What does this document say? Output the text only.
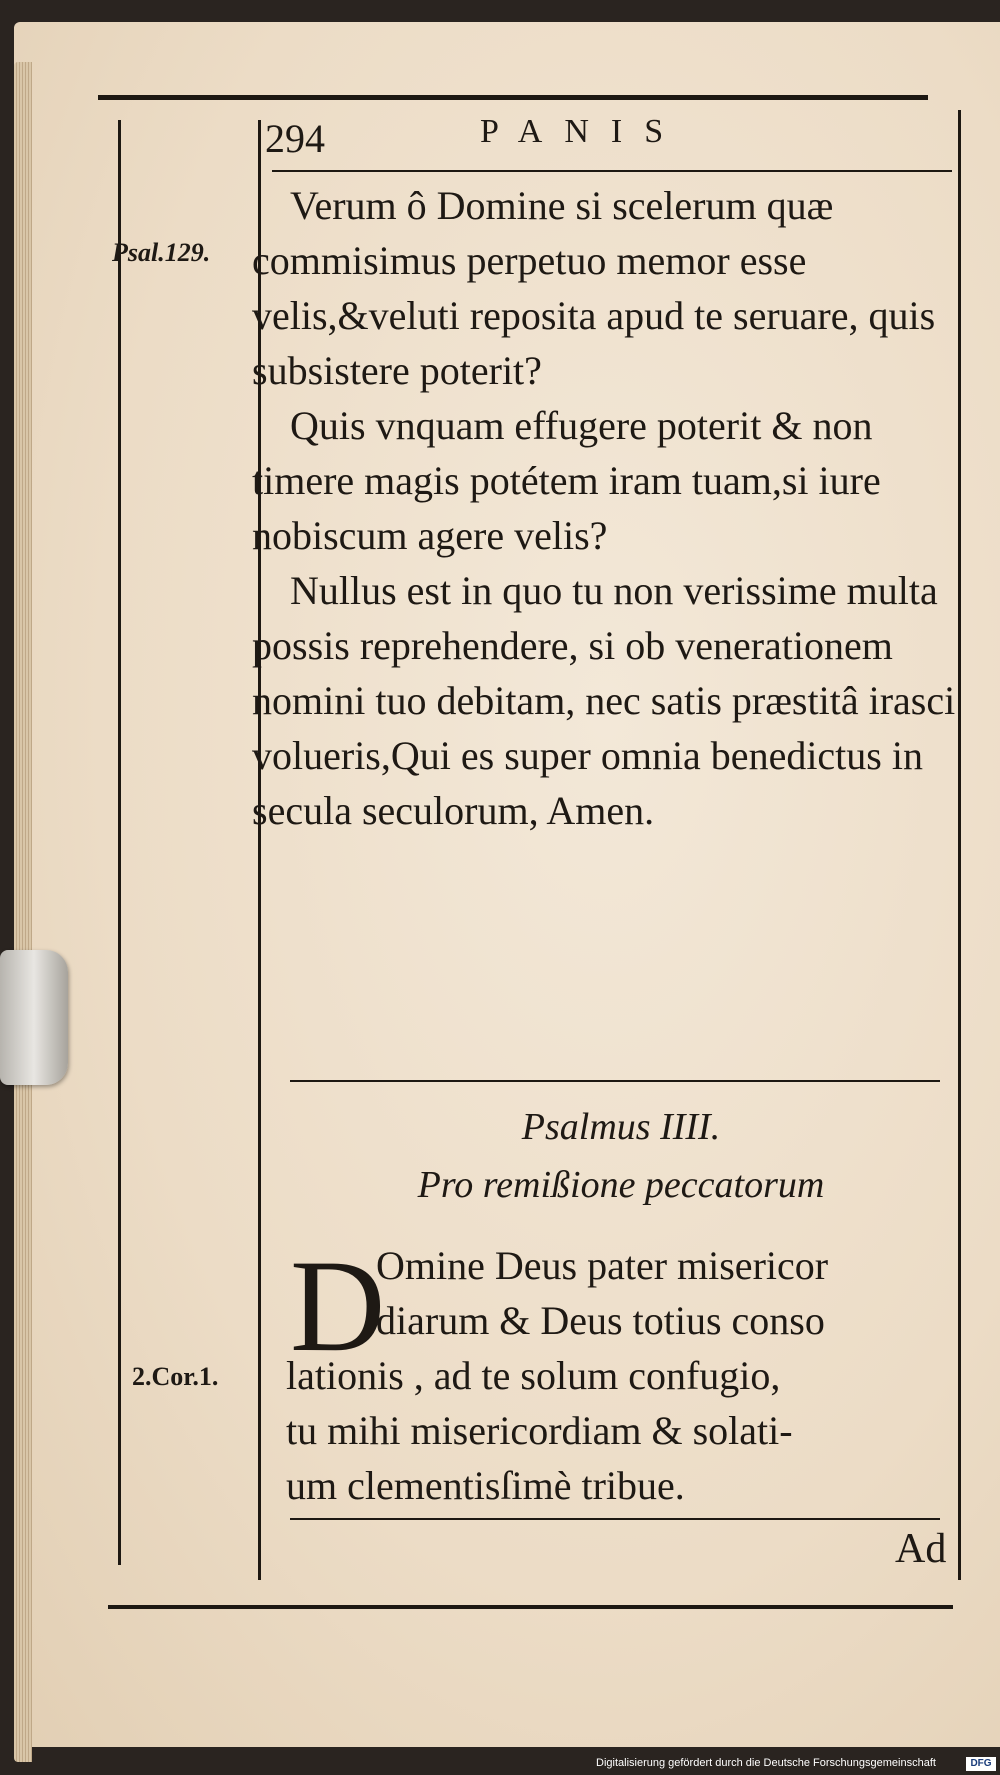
294	PANIS
Psal.129.
2.Cor.1.

Verum ô Domine si scelerum quæ commisimus perpetuo memor esse velis,&veluti reposita apud te seruare, quis subsistere poterit?

Quis vnquam effugere poterit & non timere magis potétem iram tuam,si iure nobiscum agere velis?

Nullus est in quo tu non verissime multa possis reprehendere, si ob venerationem nomini tuo debitam, nec satis præstitâ irasci volueris,Qui es super omnia benedictus in secula seculorum, Amen.

Psalmus IIII.
Pro remißione peccatorum
D
Omine Deus pater misericor
diarum & Deus totius conso
lationis , ad te solum confugio,
tu mihi misericordiam & solati-
um clementisſimè tribue.
Ad
Digitalisierung gefördert durch die Deutsche Forschungsgemeinschaft	DFG
